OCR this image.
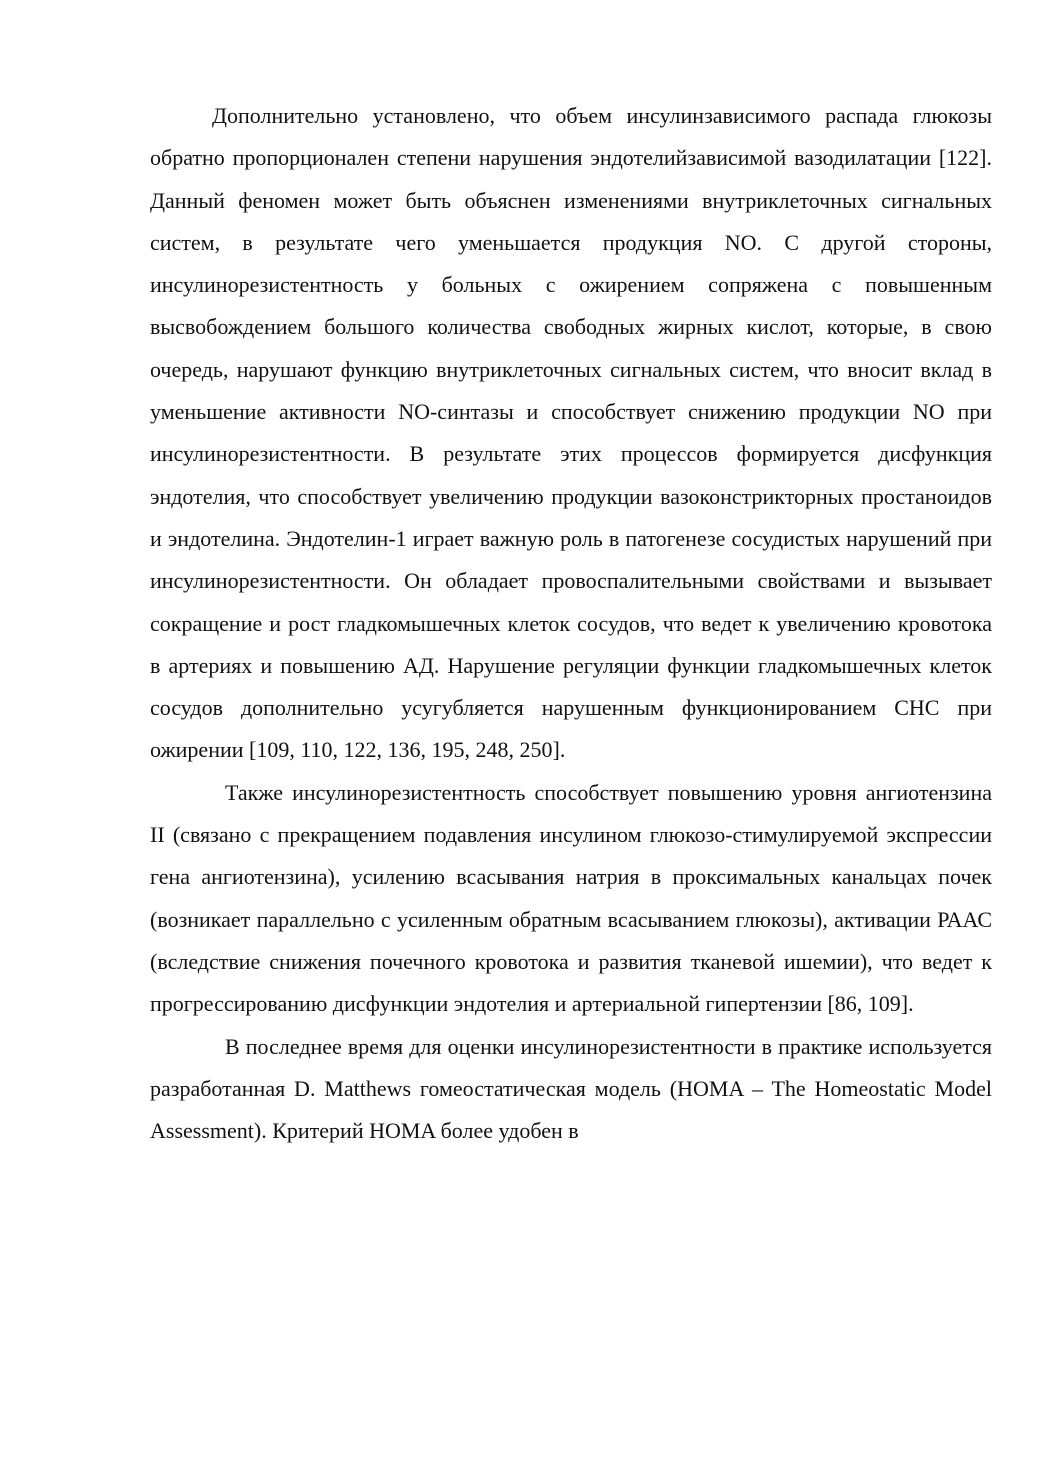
Дополнительно установлено, что объем инсулинзависимого распада глюкозы обратно пропорционален степени нарушения эндотелийзависимой вазодилатации [122]. Данный феномен может быть объяснен изменениями внутриклеточных сигнальных систем, в результате чего уменьшается продукция NO. С другой стороны, инсулинорезистентность у больных с ожирением сопряжена с повышенным высвобождением большого количества свободных жирных кислот, которые, в свою очередь, нарушают функцию внутриклеточных сигнальных систем, что вносит вклад в уменьшение активности NO-синтазы и способствует снижению продукции NO при инсулинорезистентности. В результате этих процессов формируется дисфункция эндотелия, что способствует увеличению продукции вазоконстрикторных простаноидов и эндотелина. Эндотелин-1 играет важную роль в патогенезе сосудистых нарушений при инсулинорезистентности. Он обладает провоспалительными свойствами и вызывает сокращение и рост гладкомышечных клеток сосудов, что ведет к увеличению кровотока в артериях и повышению АД. Нарушение регуляции функции гладкомышечных клеток сосудов дополнительно усугубляется нарушенным функционированием СНС при ожирении [109, 110, 122, 136, 195, 248, 250].

Также инсулинорезистентность способствует повышению уровня ангиотензина II (связано с прекращением подавления инсулином глюкозо-стимулируемой экспрессии гена ангиотензина), усилению всасывания натрия в проксимальных канальцах почек (возникает параллельно с усиленным обратным всасыванием глюкозы), активации РААС (вследствие снижения почечного кровотока и развития тканевой ишемии), что ведет к прогрессированию дисфункции эндотелия и артериальной гипертензии [86, 109].

В последнее время для оценки инсулинорезистентности в практике используется разработанная D. Matthews гомеостатическая модель (HOMA – The Homeostatic Model Assessment). Критерий HOMA более удобен в
